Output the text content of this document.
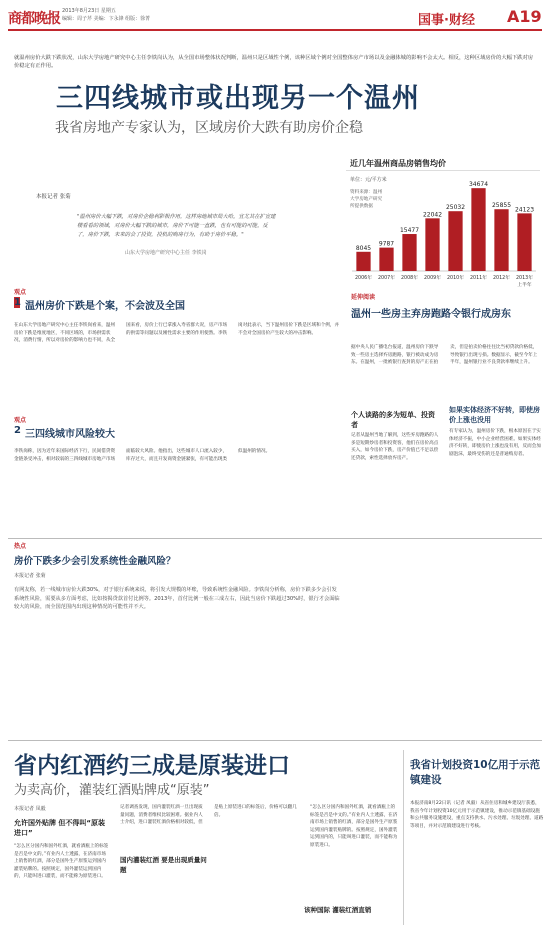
商都晚报 2013年8月23日 星期五
编辑：周子芹 美编：卞永锋 组版：徐菁	国事·财经 A19
就温州房价大跌下跌状况，山东大学房地产研究中心主任李铁岗认为，从全国市场整体状况判断，温州只是区域性个例，该种区域个例对全国整体房产市场以及金融体城的影响不会太大。相反，这种区域房价的大幅下跌对房价稳定有正作用。
三四线城市或出现另一个温州
我省房地产专家认为，区域房价大跌有助房价企稳
近几年温州商品房销售均价
单位：元/平方米
资料来源：温州
大学房地产研究
所提供数据
8045
2006年
9787
2007年
15477
2008年
22042
2009年
25032
2010年
34674
2011年
25855
2012年
24123
2013年
上半年
本报记者 张菊
"温州房价大幅下跌，对房价企稳利影极作用，这样房地城市局大哈。宜尤其在扩宣建楼看看的领域，对房价大幅下跌的城市，房价下可能一直跌，也有可能的可能。反了，房价下跌，未来的会了投资，投机的购房行为，有助于房价平稳。"
山东大学房地产研究中心主任 李铁岗
观点
1 温州房价下跌是个案，不会波及全国
在山东大学房地产研究中心主任李铁岗看来，温州房价下跌是维度地区，不同区域的，市场供需状况，消费行情，所以对房价的影响力也不同，从全国来看，房价上行已拿涨入寿省群大况，房产市场的供需等问题以及刚性需求主要的作用使然。李铁岗对此表示，当下温州房价下跌是区域和个例，并不会对全国房价产生较大的冲击影响。
观点
2 三四线城市风险较大
李铁岗称，因为近年来国际经济下行，民间借贷资金链条受冲击，相对较弱的三四线城市房地产市场面临较大风险。他指出，这些城市人口流入较少，库存过大，而且开发商资金链紧张，有可能出现类似温州的情况。
延伸阅读
温州一些房主弃房跑路令银行成房东
据中央人民广播电台报道，温州房价下跌导致一些房主选择弃房跑路，银行被动成为房东。在温州，一批被银行查封的房产正在拍卖，但是拍卖价格往往比当初贷款价格低，导致银行出现亏损。数据显示，截至今年上半年，温州银行业不良贷款率继续上升。
个人谈路的多为短单、投资者
记者从温州当地了解到，这些弃房跑路的人多是短期炒房者和投资客，他们在房价高点买入，如今房价下跌，房产价值已不足以偿还贷款，索性选择放弃房产。
如果实体经济不好转，即使房价上涨也没用
有专家认为，温州房价下跌，根本原因在于实体经济不振，中小企业经营困难。如果实体经济不好转，即使房价上涨也没有用，反而会加剧泡沫，最终受伤的还是普通购房者。
热点
房价下跌多少会引发系统性金融风险？
本报记者 张菊
有网友称，若一线城市房价大跌30%，对于银行系统来说，将引发大规模的坏账，导致系统性金融风险。李铁岗分析称，房价下跌多少会引发系统性风险，需要从多方面考虑，比如按揭贷款首付比例等。2013年，首付比例一般在三成左右，因此当房价下跌超过30%时，银行才会面临较大的风险，而全国范围内出现这种情况的可能性并不大。
省内红酒约三成是原装进口
为卖高价，灌装红酒贴牌成“原装”
本报记者 凤毅
允许国外贴牌 但不得叫“原装进口”
“怎么区分国内和国外红酒，就看酒瓶上的标签是否是中文的。”有业内人士透露，在济南市场上销售的红酒，部分是国外生产原浆运到国内灌装贴牌的。按照规定，国外灌装运到国内的，只能叫进口灌装，而不能称为原装进口。
国内灌装红酒 要是出现质量问题
记者调查发现，国内灌装红酒一旦出现质量问题，消费者维权比较困难。据业内人士介绍，进口灌装红酒价格相对较低，但是贴上原装进口的标签后，价格可以翻几倍。
“怎么区分国内和国外红酒，就看酒瓶上的标签是否是中文的。”有业内人士透露，在济南市场上销售的红酒，部分是国外生产原浆运到国内灌装贴牌的。按照规定，国外灌装运到国内的，只能叫进口灌装，而不能称为原装进口。
该种国际 灌装红酒直销
我省计划投资10亿用于示范镇建设
本报济南8月22日讯（记者 凤毅）从省住房和城乡建设厅获悉，我省今年计划投资10亿元用于示范镇建设，推动示范镇基础设施和公共服务设施建设，重点支持供水、污水处理、垃圾处理、道路等项目，并对示范镇建设进行考核。
